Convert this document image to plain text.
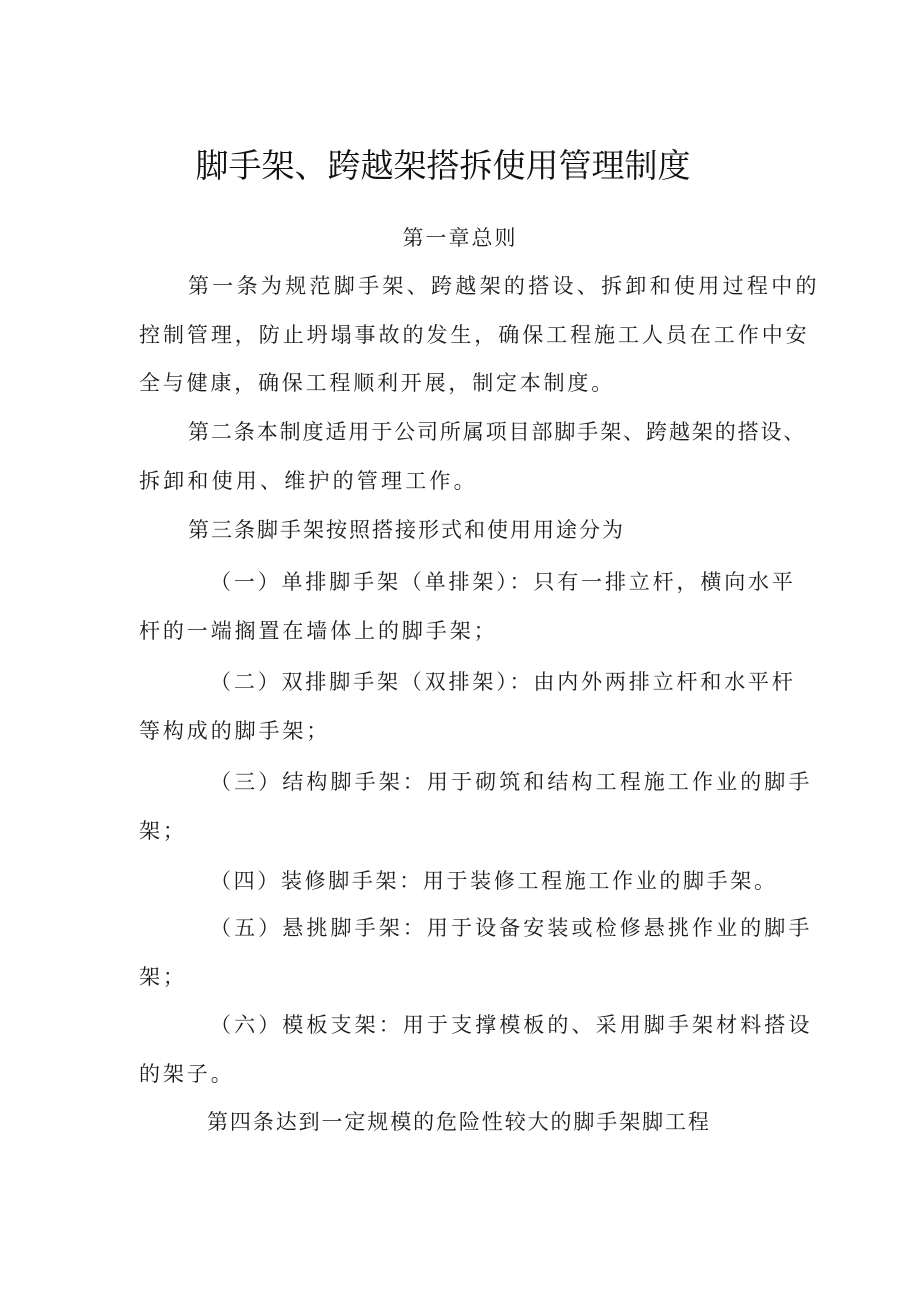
脚手架、跨越架搭拆使用管理制度
第一章总则
第一条为规范脚手架、跨越架的搭设、拆卸和使用过程中的
控制管理，防止坍塌事故的发生，确保工程施工人员在工作中安
全与健康，确保工程顺利开展，制定本制度。
第二条本制度适用于公司所属项目部脚手架、跨越架的搭设、
拆卸和使用、维护的管理工作。
第三条脚手架按照搭接形式和使用用途分为
（一）单排脚手架（单排架）：只有一排立杆，横向水平
杆的一端搁置在墙体上的脚手架；
（二）双排脚手架（双排架）：由内外两排立杆和水平杆
等构成的脚手架；
（三）结构脚手架：用于砌筑和结构工程施工作业的脚手
架；
（四）装修脚手架：用于装修工程施工作业的脚手架。
（五）悬挑脚手架：用于设备安装或检修悬挑作业的脚手
架；
（六）模板支架：用于支撑模板的、采用脚手架材料搭设
的架子。
第四条达到一定规模的危险性较大的脚手架脚工程
